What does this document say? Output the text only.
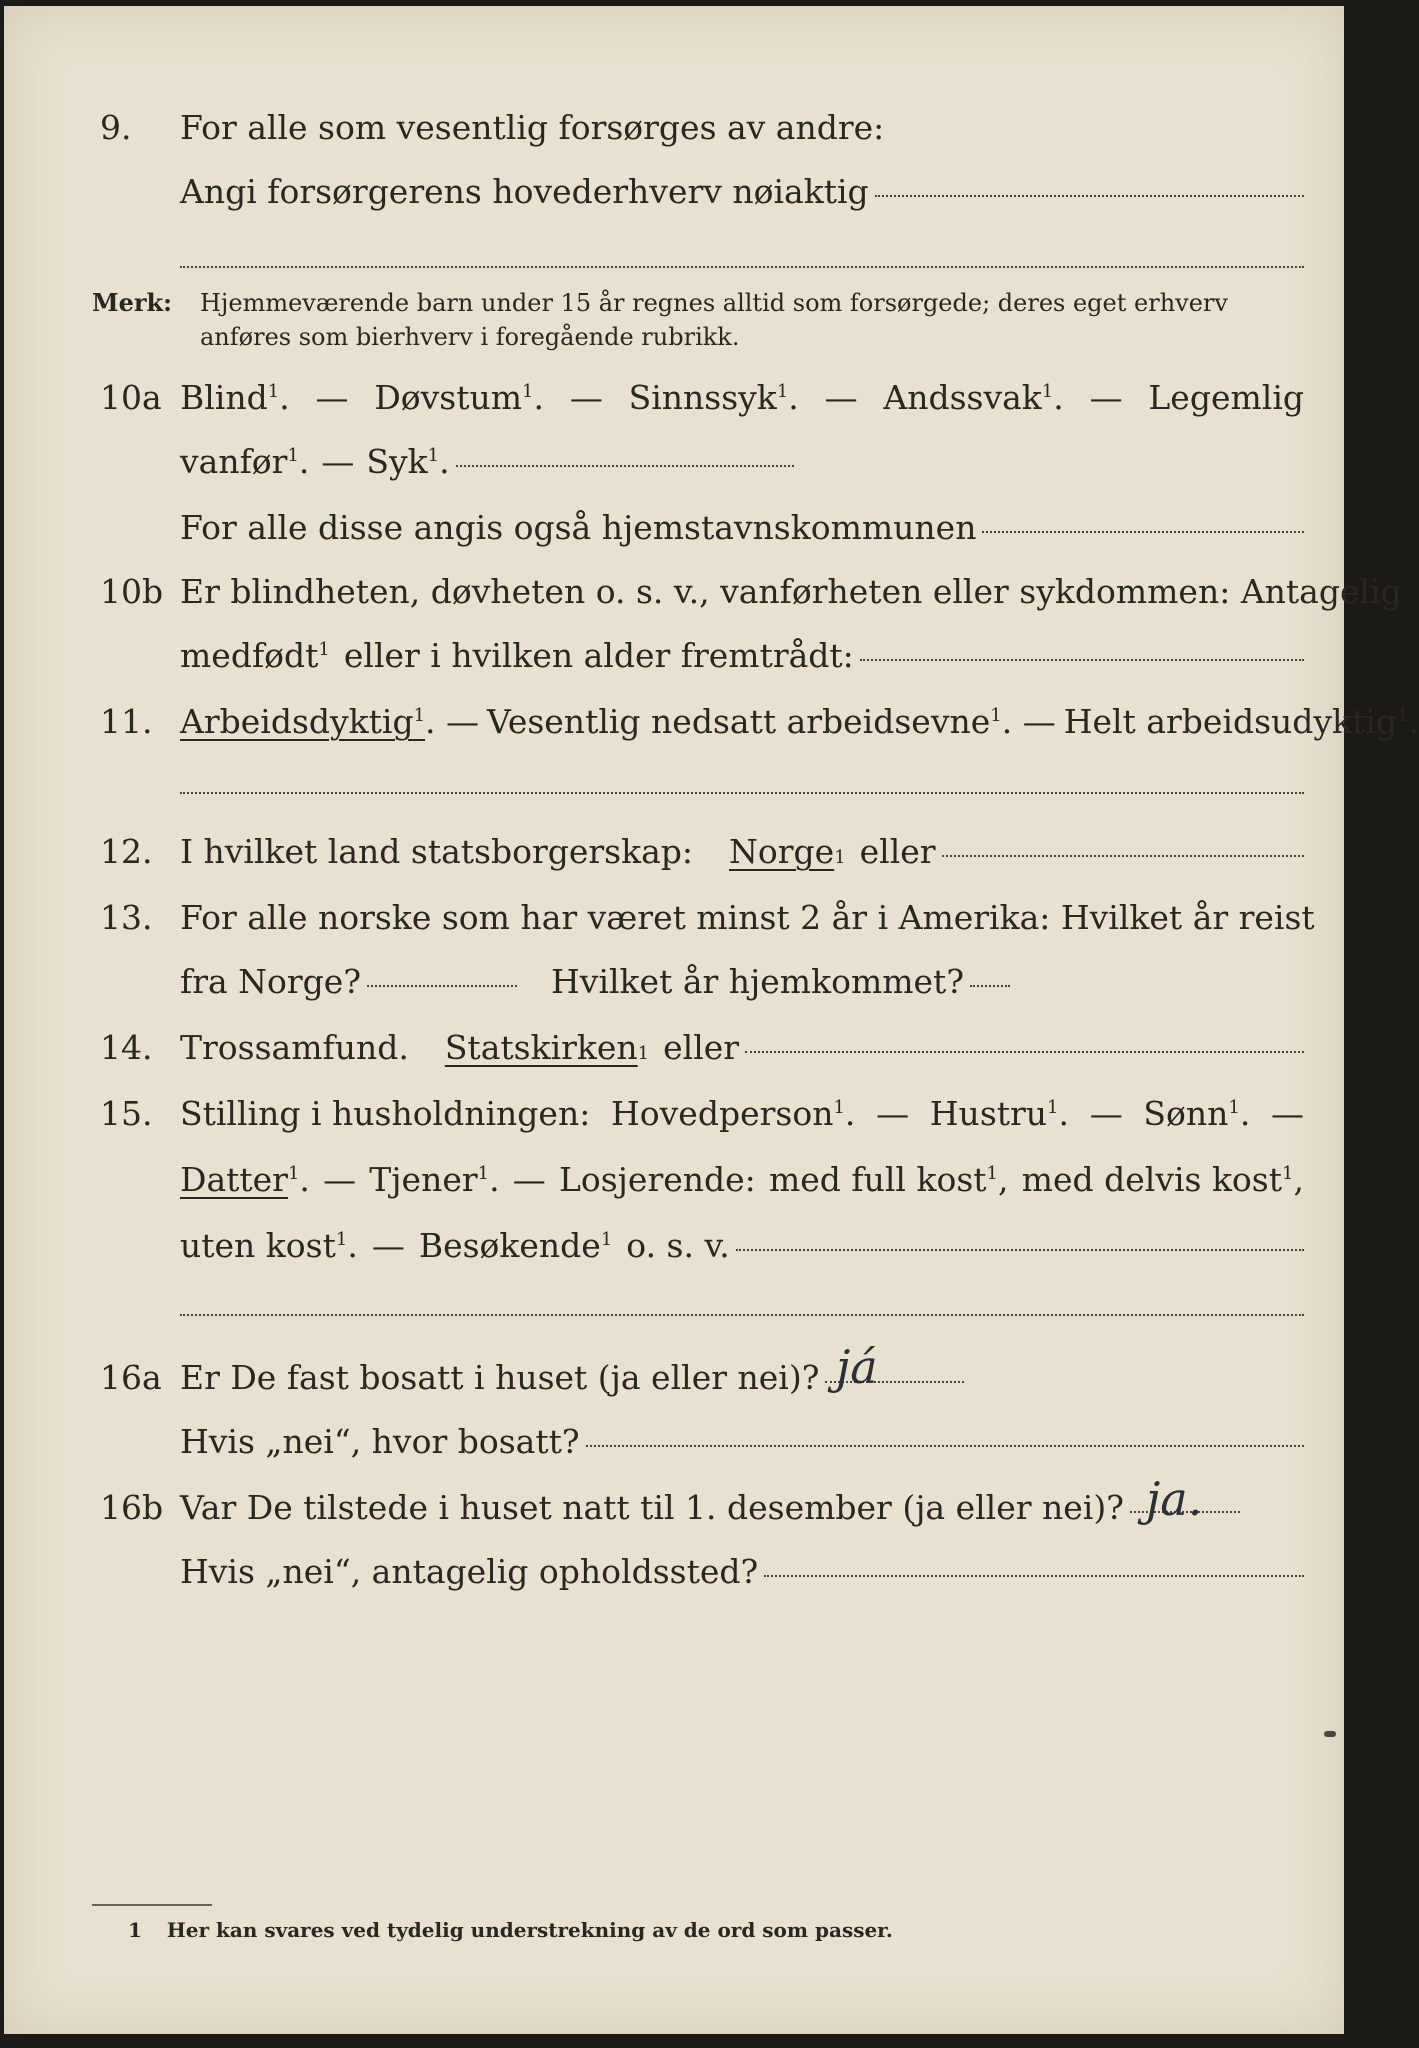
9. For alle som vesentlig forsørges av andre:
Angi forsørgerens hovederhverv nøiaktig
Merk: Hjemmeværende barn under 15 år regnes alltid som forsørgede; deres eget erhverv
anføres som bierhverv i foregående rubrikk.
10a Blind$^1$. — Døvstum$^1$. — Sinnssyk$^1$. — Andssvak$^1$. — Legemlig
vanfør$^1$. — Syk$^1$.
For alle disse angis også hjemstavnskommunen
10b Er blindheten, døvheten o. s. v., vanførheten eller sykdommen: Antagelig
medfødt$^1$ eller i hvilken alder fremtrådt:
11. Arbeidsdyktig$^1$ . — Vesentlig nedsatt arbeidsevne$^1$. — Helt arbeidsudyktig$^1$.
12. I hvilket land statsborgerskap: Norge 1 eller
13. For alle norske som har været minst 2 år i Amerika: Hvilket år reist
fra Norge?	Hvilket år hjemkommet?
14. Trossamfund. Statskirken 1 eller
15. Stilling i husholdningen: Hovedperson$^1$. — Hustru$^1$. — Sønn$^1$. —
Datter$^1$. — Tjener$^1$. — Losjerende: med full kost$^1$, med delvis kost$^1$,
uten kost$^1$. — Besøkende$^1$ o. s. v.
16a Er De fast bosatt i huset (ja eller nei)? já
Hvis „nei“, hvor bosatt?
16b Var De tilstede i huset natt til 1. desember (ja eller nei)? ja.
Hvis „nei“, antagelig opholdssted?
1 Her kan svares ved tydelig understrekning av de ord som passer.
